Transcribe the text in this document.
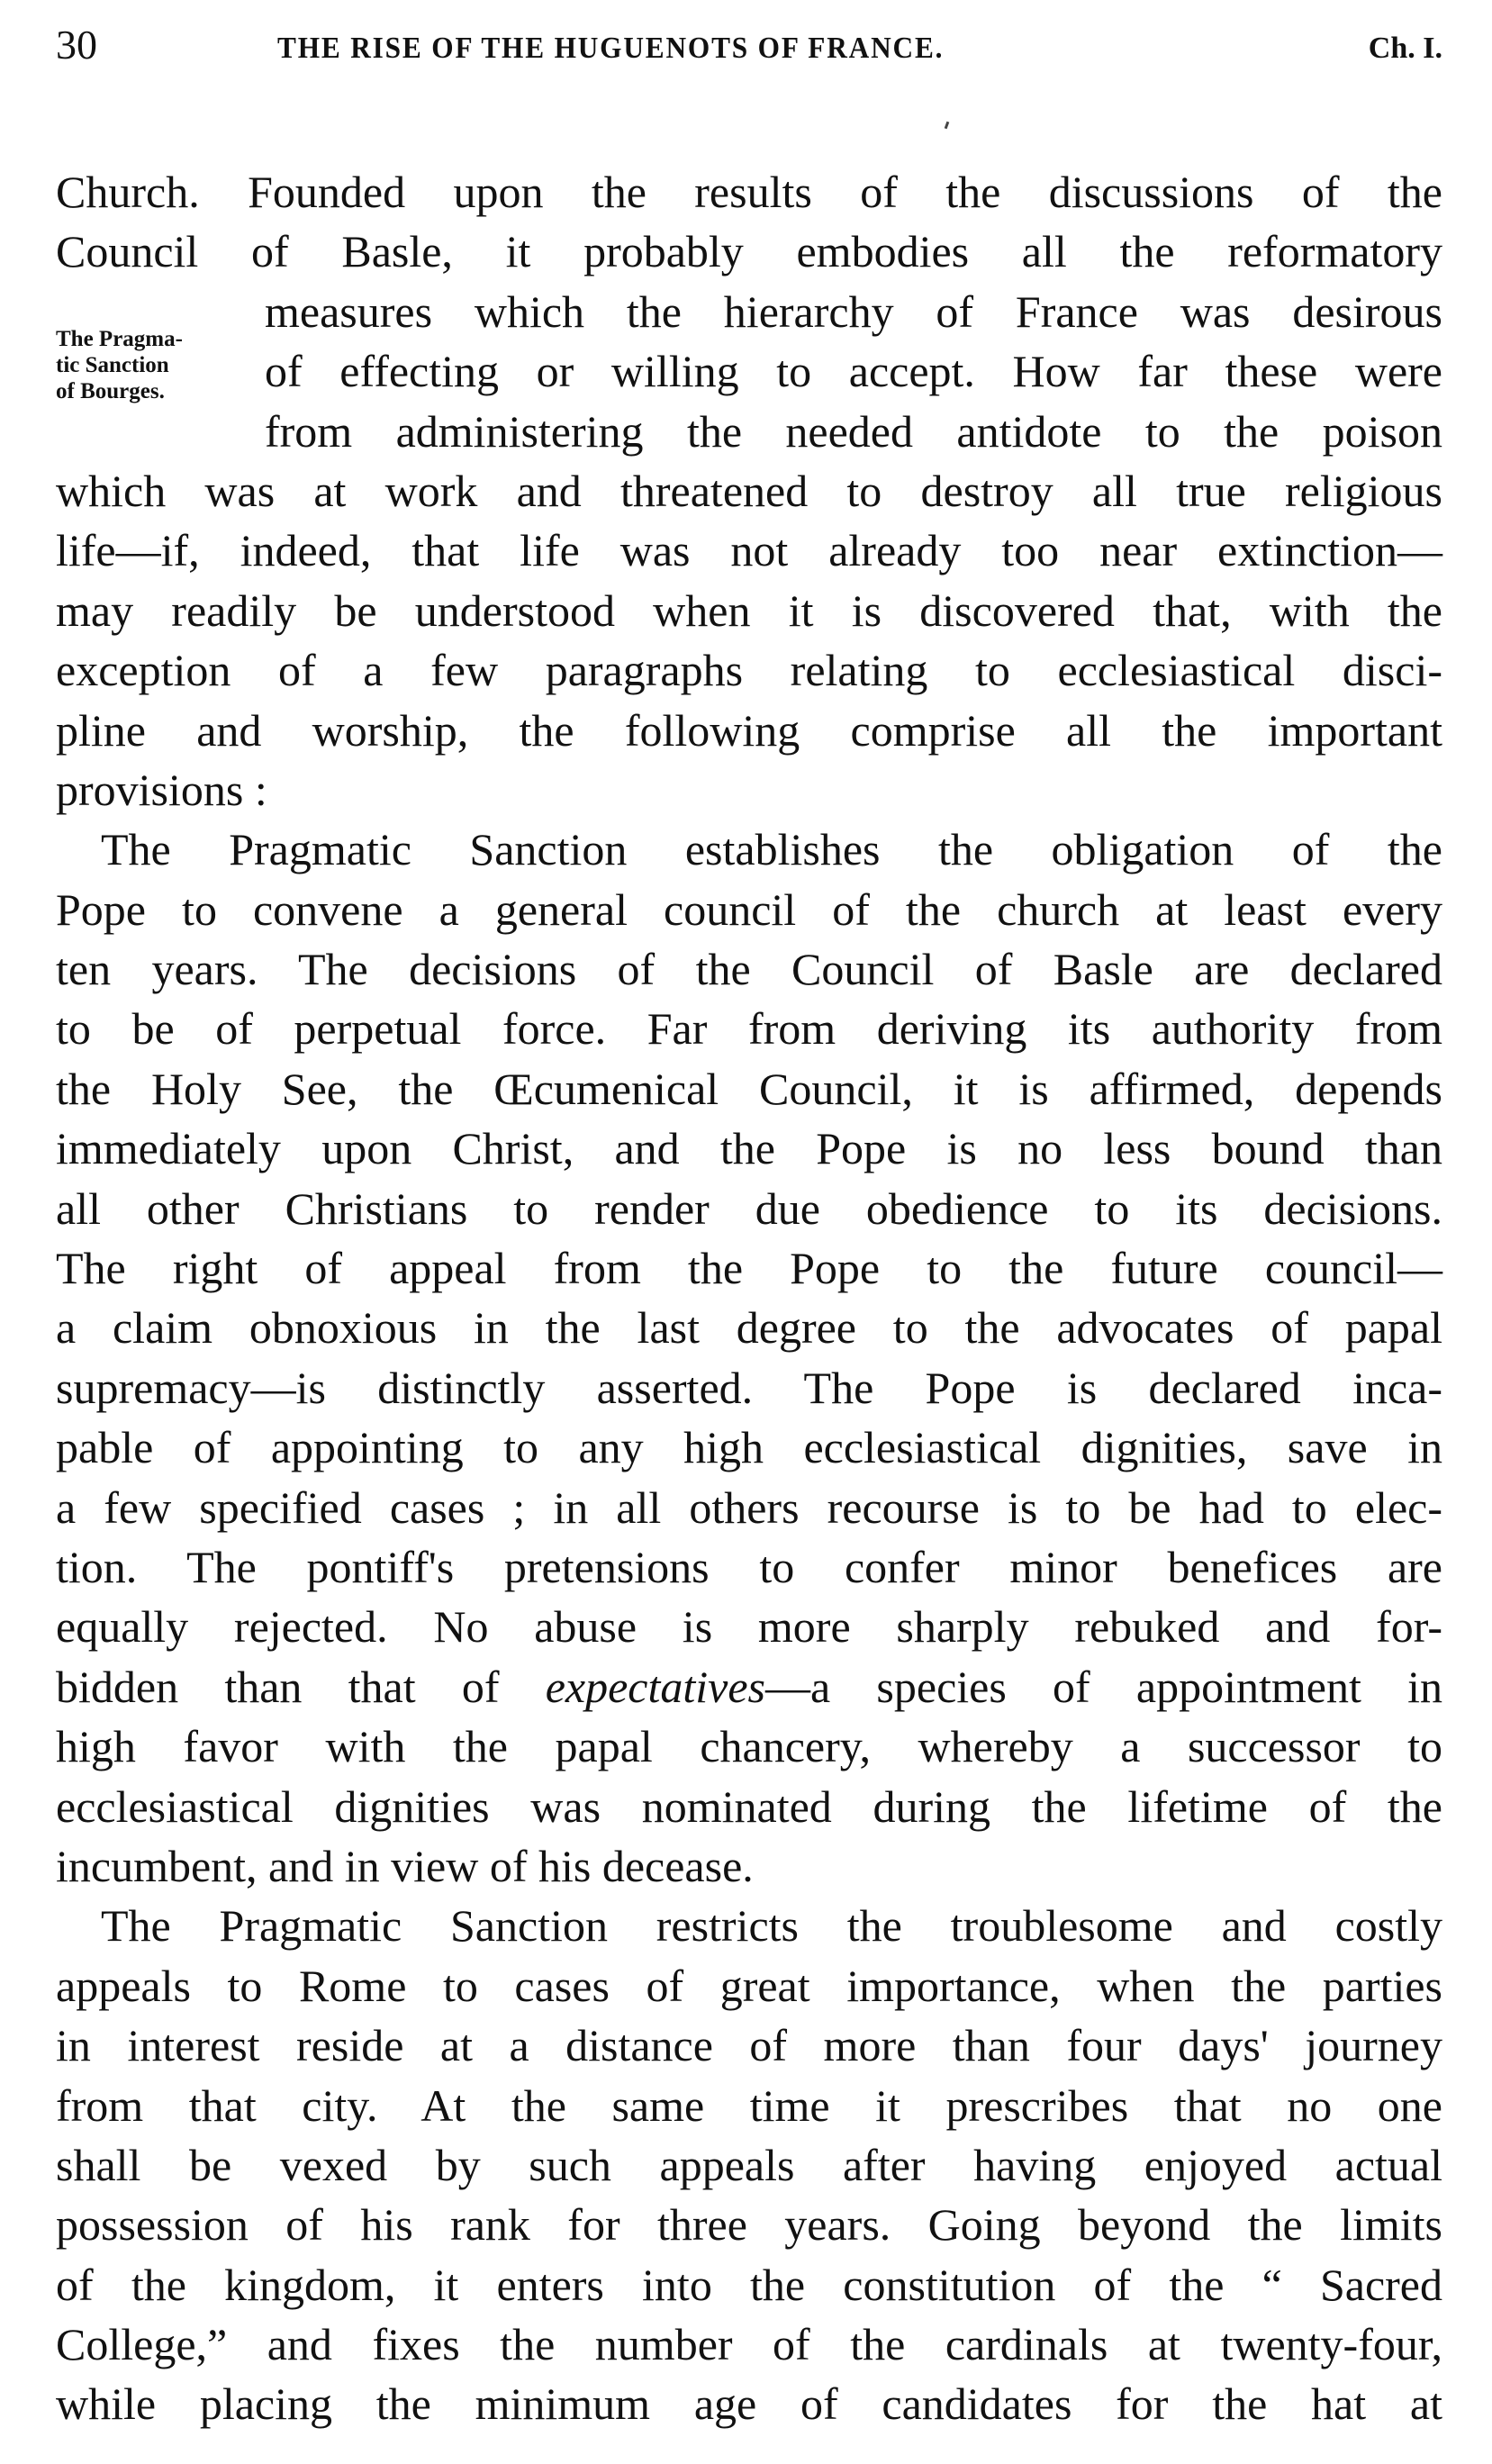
30	THE RISE OF THE HUGUENOTS OF FRANCE.	Ch. I.
The Pragma-
tic Sanction
of Bourges.
Church. Founded upon the results of the discussions of the
Council of Basle, it probably embodies all the reformatory
measures which the hierarchy of France was desirous
of effecting or willing to accept. How far these were
from administering the needed antidote to the poison
which was at work and threatened to destroy all true religious
life—if, indeed, that life was not already too near extinction—
may readily be understood when it is discovered that, with the
exception of a few paragraphs relating to ecclesiastical disci-
pline and worship, the following comprise all the important
provisions :
The Pragmatic Sanction establishes the obligation of the
Pope to convene a general council of the church at least every
ten years. The decisions of the Council of Basle are declared
to be of perpetual force. Far from deriving its authority from
the Holy See, the Œcumenical Council, it is affirmed, depends
immediately upon Christ, and the Pope is no less bound than
all other Christians to render due obedience to its decisions.
The right of appeal from the Pope to the future council—
a claim obnoxious in the last degree to the advocates of papal
supremacy—is distinctly asserted. The Pope is declared inca-
pable of appointing to any high ecclesiastical dignities, save in
a few specified cases ; in all others recourse is to be had to elec-
tion. The pontiff's pretensions to confer minor benefices are
equally rejected. No abuse is more sharply rebuked and for-
bidden than that of expectatives—a species of appointment in
high favor with the papal chancery, whereby a successor to
ecclesiastical dignities was nominated during the lifetime of the
incumbent, and in view of his decease.
The Pragmatic Sanction restricts the troublesome and costly
appeals to Rome to cases of great importance, when the parties
in interest reside at a distance of more than four days' journey
from that city. At the same time it prescribes that no one
shall be vexed by such appeals after having enjoyed actual
possession of his rank for three years. Going beyond the limits
of the kingdom, it enters into the constitution of the “ Sacred
College,” and fixes the number of the cardinals at twenty-four,
while placing the minimum age of candidates for the hat at
